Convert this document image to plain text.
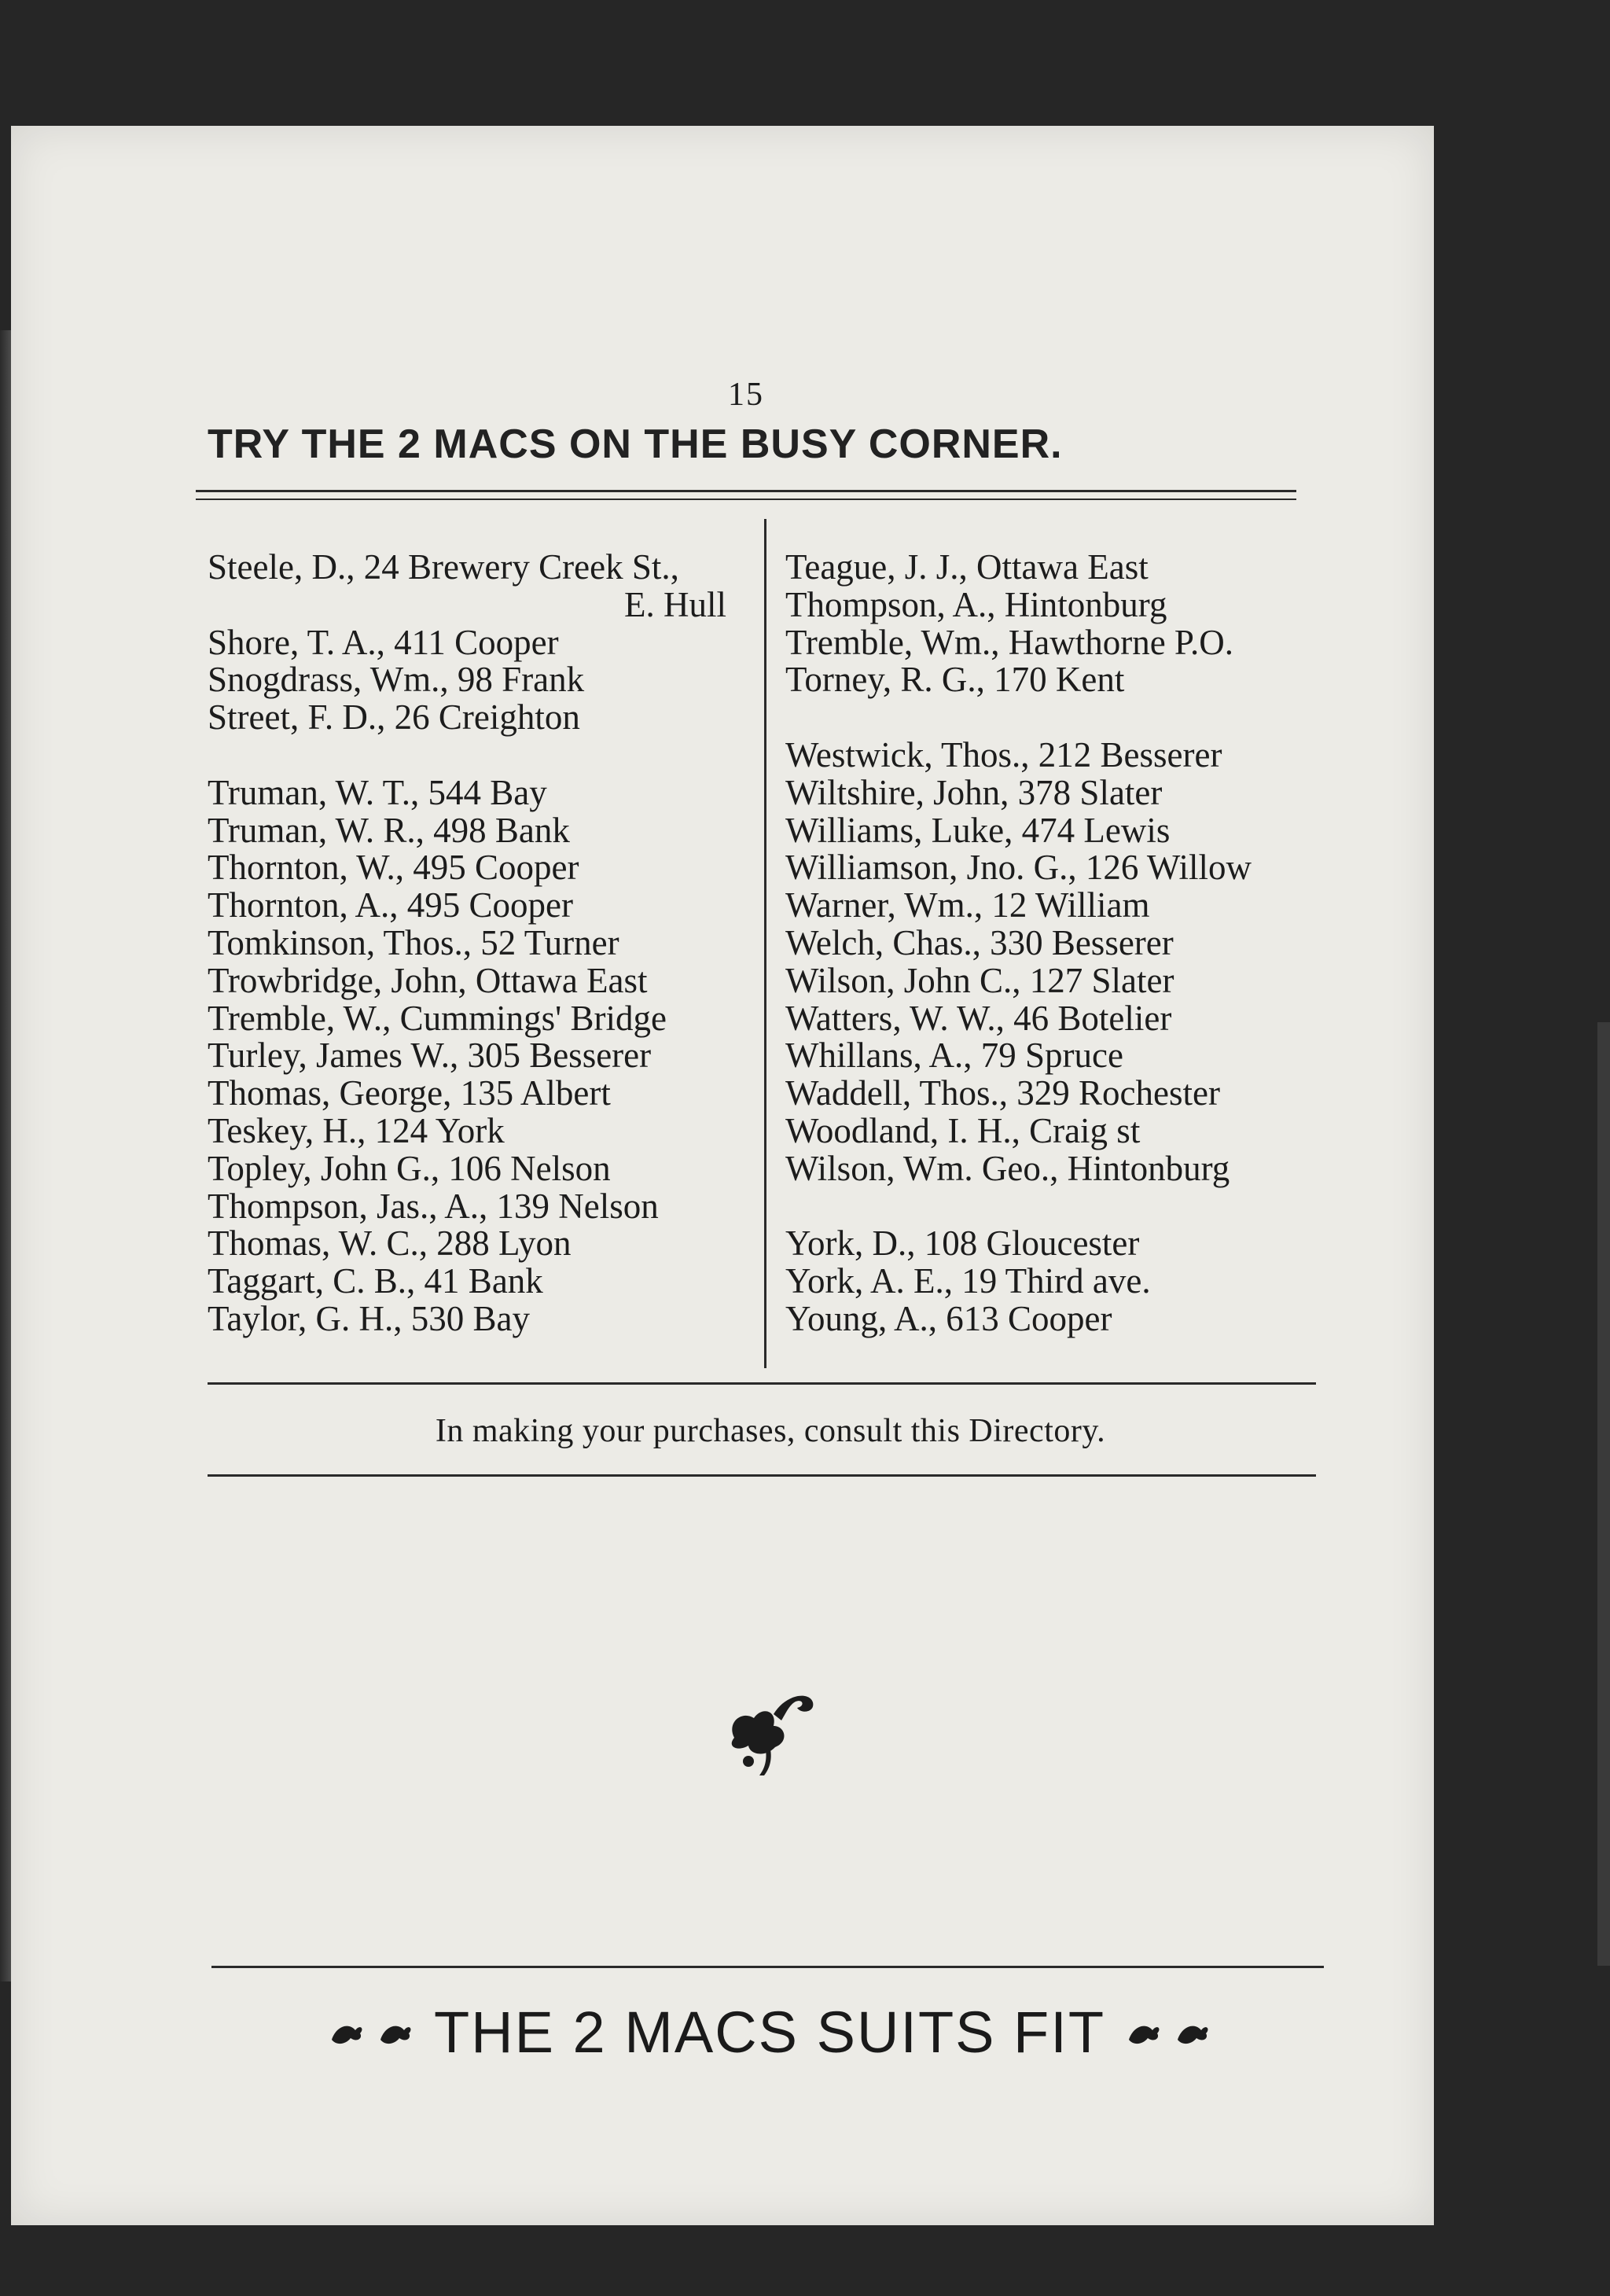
15
TRY THE 2 MACS ON THE BUSY CORNER.
Steele, D., 24 Brewery Creek St.,
E. Hull
Shore, T. A., 411 Cooper
Snogdrass, Wm., 98 Frank
Street, F. D., 26 Creighton
Truman, W. T., 544 Bay
Truman, W. R., 498 Bank
Thornton, W., 495 Cooper
Thornton, A., 495 Cooper
Tomkinson, Thos., 52 Turner
Trowbridge, John, Ottawa East
Tremble, W., Cummings' Bridge
Turley, James W., 305 Besserer
Thomas, George, 135 Albert
Teskey, H., 124 York
Topley, John G., 106 Nelson
Thompson, Jas., A., 139 Nelson
Thomas, W. C., 288 Lyon
Taggart, C. B., 41 Bank
Taylor, G. H., 530 Bay
Teague, J. J., Ottawa East
Thompson, A., Hintonburg
Tremble, Wm., Hawthorne P.O.
Torney, R. G., 170 Kent
Westwick, Thos., 212 Besserer
Wiltshire, John, 378 Slater
Williams, Luke, 474 Lewis
Williamson, Jno. G., 126 Willow
Warner, Wm., 12 William
Welch, Chas., 330 Besserer
Wilson, John C., 127 Slater
Watters, W. W., 46 Botelier
Whillans, A., 79 Spruce
Waddell, Thos., 329 Rochester
Woodland, I. H., Craig st
Wilson, Wm. Geo., Hintonburg
York, D., 108 Gloucester
York, A. E., 19 Third ave.
Young, A., 613 Cooper
In making your purchases, consult this Directory.
THE 2 MACS SUITS FIT
